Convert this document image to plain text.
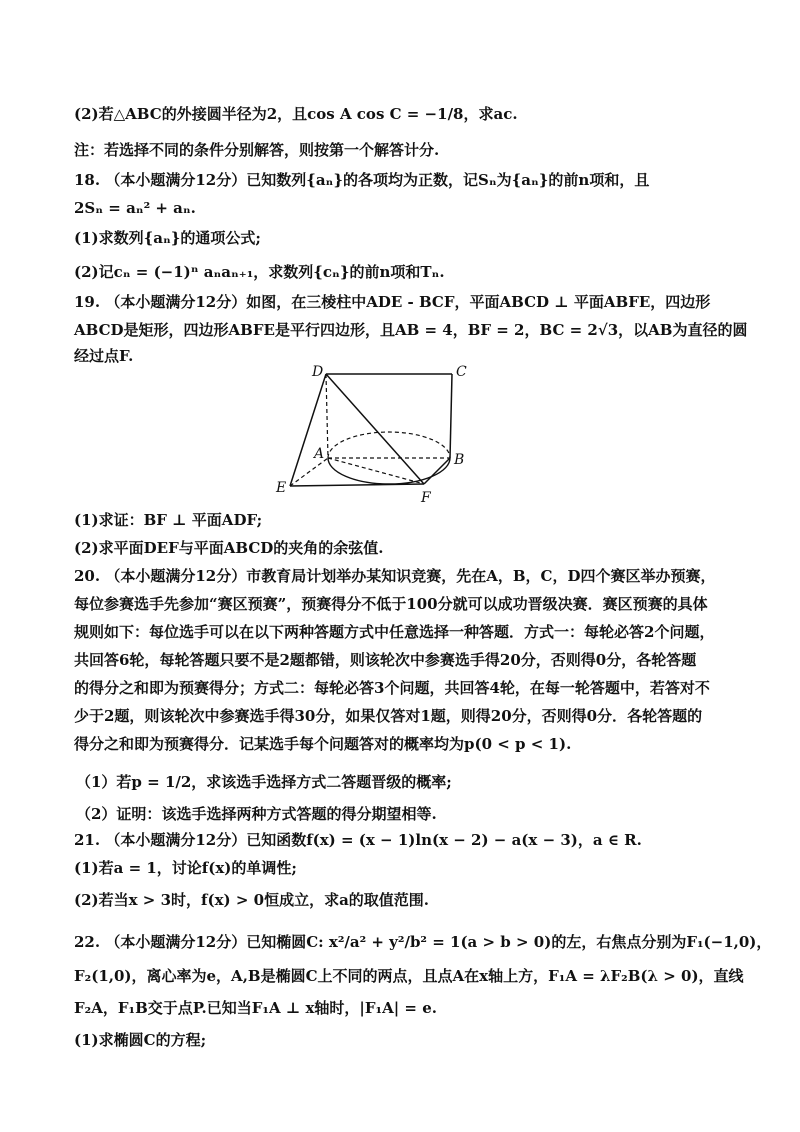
(2)若△ABC的外接圆半径为2，且cos A cos C = −1/8，求ac.
注：若选择不同的条件分别解答，则按第一个解答计分.
18. （本小题满分12分）已知数列{aₙ}的各项均为正数，记Sₙ为{aₙ}的前n项和，且
2Sₙ = aₙ² + aₙ.
(1)求数列{aₙ}的通项公式;
(2)记cₙ = (−1)ⁿ aₙaₙ₊₁，求数列{cₙ}的前n项和Tₙ.
19. （本小题满分12分）如图，在三棱柱中ADE - BCF，平面ABCD ⊥ 平面ABFE，四边形
ABCD是矩形，四边形ABFE是平行四边形，且AB = 4，BF = 2，BC = 2√3，以AB为直径的圆
经过点F.
D	C
A	B
E
F
(1)求证：BF ⊥ 平面ADF;
(2)求平面DEF与平面ABCD的夹角的余弦值.
20. （本小题满分12分）市教育局计划举办某知识竞赛，先在A，B，C，D四个赛区举办预赛，
每位参赛选手先参加“赛区预赛”，预赛得分不低于100分就可以成功晋级决赛．赛区预赛的具体
规则如下：每位选手可以在以下两种答题方式中任意选择一种答题．方式一：每轮必答2个问题，
共回答6轮，每轮答题只要不是2题都错，则该轮次中参赛选手得20分，否则得0分，各轮答题
的得分之和即为预赛得分；方式二：每轮必答3个问题，共回答4轮，在每一轮答题中，若答对不
少于2题，则该轮次中参赛选手得30分，如果仅答对1题，则得20分，否则得0分．各轮答题的
得分之和即为预赛得分．记某选手每个问题答对的概率均为p(0 < p < 1).
（1）若p = 1/2，求该选手选择方式二答题晋级的概率;
（2）证明：该选手选择两种方式答题的得分期望相等.
21. （本小题满分12分）已知函数f(x) = (x − 1)ln(x − 2) − a(x − 3)，a ∈ R.
(1)若a = 1，讨论f(x)的单调性;
(2)若当x > 3时，f(x) > 0恒成立，求a的取值范围.
22. （本小题满分12分）已知椭圆C: x²/a² + y²/b² = 1(a > b > 0)的左，右焦点分别为F₁(−1,0)，
F₂(1,0)，离心率为e，A,B是椭圆C上不同的两点，且点A在x轴上方，F₁A = λF₂B(λ > 0)，直线
F₂A，F₁B交于点P.已知当F₁A ⊥ x轴时，|F₁A| = e.
(1)求椭圆C的方程;
